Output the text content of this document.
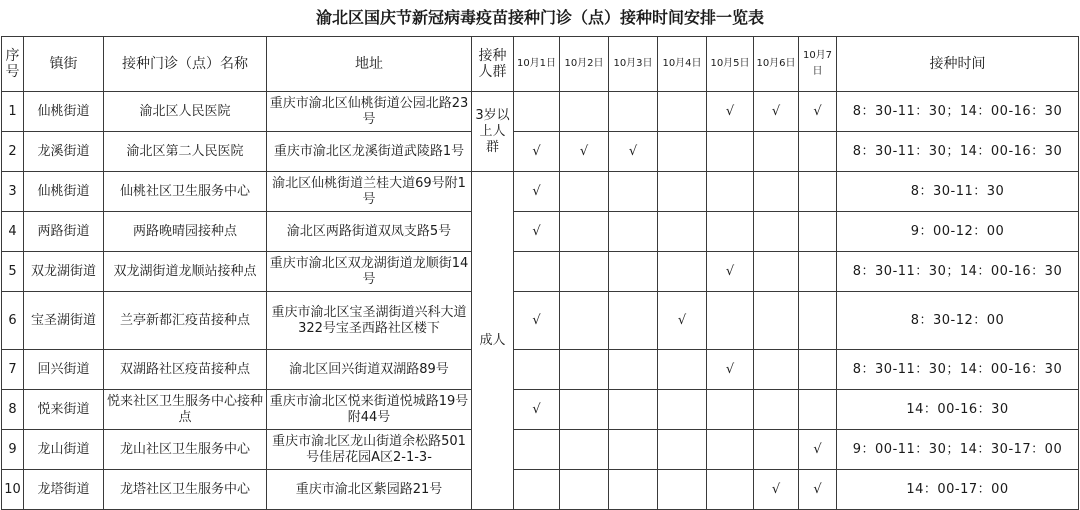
渝北区国庆节新冠病毒疫苗接种门诊（点）接种时间安排一览表
序号	镇街	接种门诊（点）名称	地址	接种人群	10月1日	10月2日	10月3日	10月4日	10月5日	10月6日	10月7日	接种时间
1	仙桃街道	渝北区人民医院	重庆市渝北区仙桃街道公园北路23号	3岁以上人群					√	√	√	8：30-11：30；14：00-16：30
2	龙溪街道	渝北区第二人民医院	重庆市渝北区龙溪街道武陵路1号		√	√	√					8：30-11：30；14：00-16：30
3	仙桃街道	仙桃社区卫生服务中心	渝北区仙桃街道兰桂大道69号附1号	成人	√							8：30-11：30
4	两路街道	两路晚晴园接种点	渝北区两路街道双凤支路5号		√							9：00-12：00
5	双龙湖街道	双龙湖街道龙顺站接种点	重庆市渝北区双龙湖街道龙顺街14号						√			8：30-11：30；14：00-16：30
6	宝圣湖街道	兰亭新都汇疫苗接种点	重庆市渝北区宝圣湖街道兴科大道322号宝圣西路社区楼下		√			√				8：30-12：00
7	回兴街道	双湖路社区疫苗接种点	渝北区回兴街道双湖路89号						√			8：30-11：30；14：00-16：30
8	悦来街道	悦来社区卫生服务中心接种点	重庆市渝北区悦来街道悦城路19号附44号		√							14：00-16：30
9	龙山街道	龙山社区卫生服务中心	重庆市渝北区龙山街道余松路501号佳居花园A区2-1-3-								√	9：00-11：30；14：30-17：00
10	龙塔街道	龙塔社区卫生服务中心	重庆市渝北区紫园路21号							√	√	14：00-17：00
